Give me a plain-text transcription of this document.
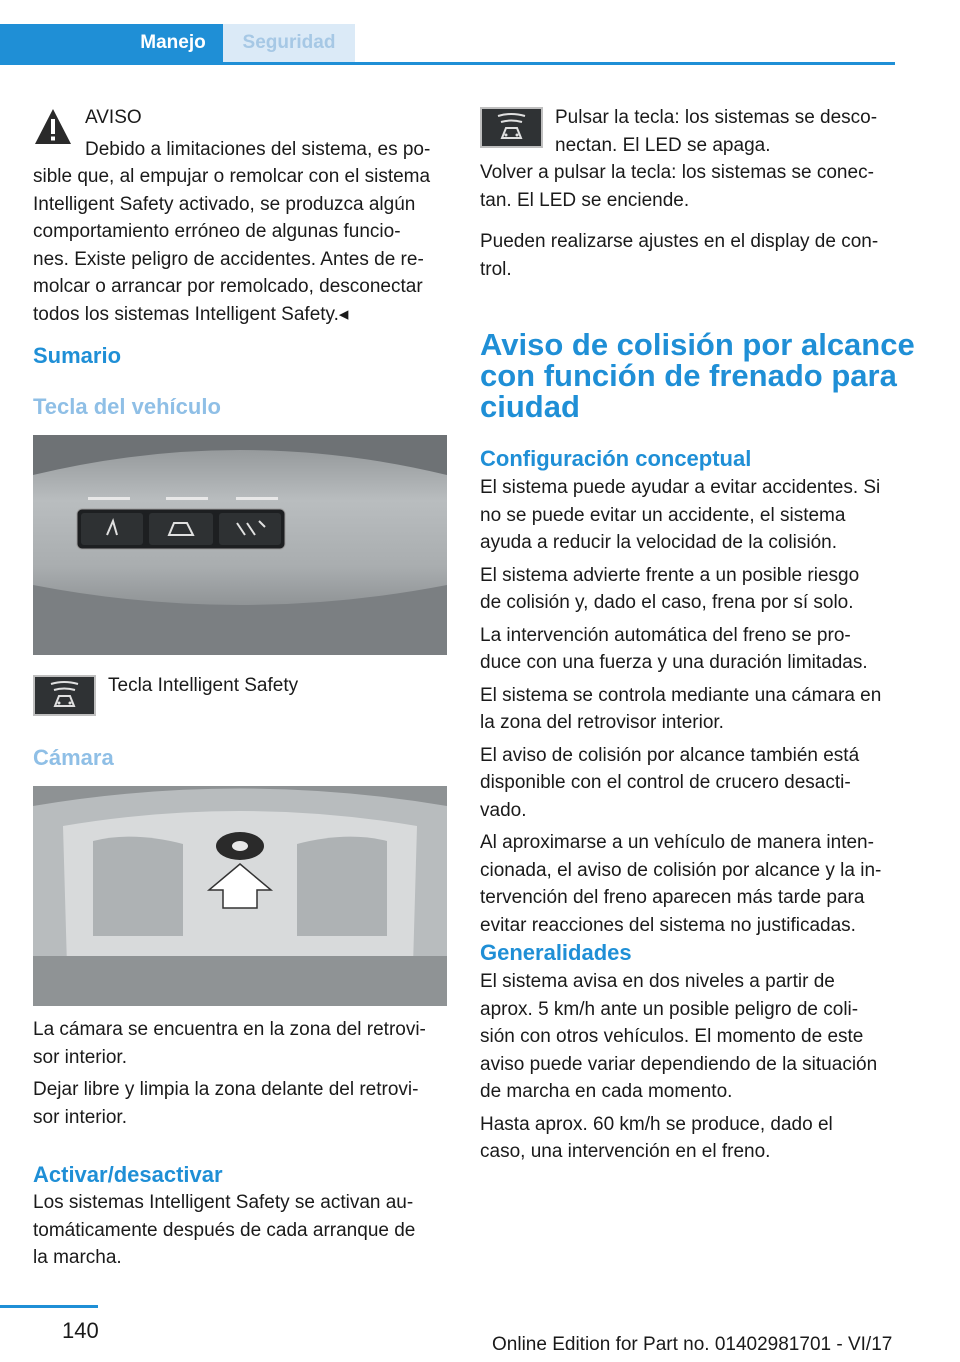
Manejo	Seguridad
AVISO
Debido a limitaciones del sistema, es po‐

sible que, al empujar o remolcar con el sistema

Intelligent Safety activado, se produzca algún

comportamiento erróneo de algunas funcio‐

nes. Existe peligro de accidentes. Antes de re‐

molcar o arrancar por remolcado, desconectar

todos los sistemas Intelligent Safety.◂

Sumario
Tecla del vehículo
Tecla Intelligent Safety
Cámara

La cámara se encuentra en la zona del retrovi‐

sor interior.

Dejar libre y limpia la zona delante del retrovi‐

sor interior.

Activar/desactivar

Los sistemas Intelligent Safety se activan au‐

tomáticamente después de cada arranque de

la marcha.

Pulsar la tecla: los sistemas se desco‐

nectan. El LED se apaga.

Volver a pulsar la tecla: los sistemas se conec‐

tan. El LED se enciende.

Pueden realizarse ajustes en el display de con‐

trol.

Aviso de colisión por alcance
con función de frenado para
ciudad
Configuración conceptual

El sistema puede ayudar a evitar accidentes. Si

no se puede evitar un accidente, el sistema

ayuda a reducir la velocidad de la colisión.

El sistema advierte frente a un posible riesgo

de colisión y, dado el caso, frena por sí solo.

La intervención automática del freno se pro‐

duce con una fuerza y una duración limitadas.

El sistema se controla mediante una cámara en

la zona del retrovisor interior.

El aviso de colisión por alcance también está

disponible con el control de crucero desacti‐

vado.

Al aproximarse a un vehículo de manera inten‐

cionada, el aviso de colisión por alcance y la in‐

tervención del freno aparecen más tarde para

evitar reacciones del sistema no justificadas.

Generalidades

El sistema avisa en dos niveles a partir de

aprox. 5 km/h ante un posible peligro de coli‐

sión con otros vehículos. El momento de este

aviso puede variar dependiendo de la situación

de marcha en cada momento.

Hasta aprox. 60 km/h se produce, dado el

caso, una intervención en el freno.

140
Online Edition for Part no. 01402981701 - VI/17
